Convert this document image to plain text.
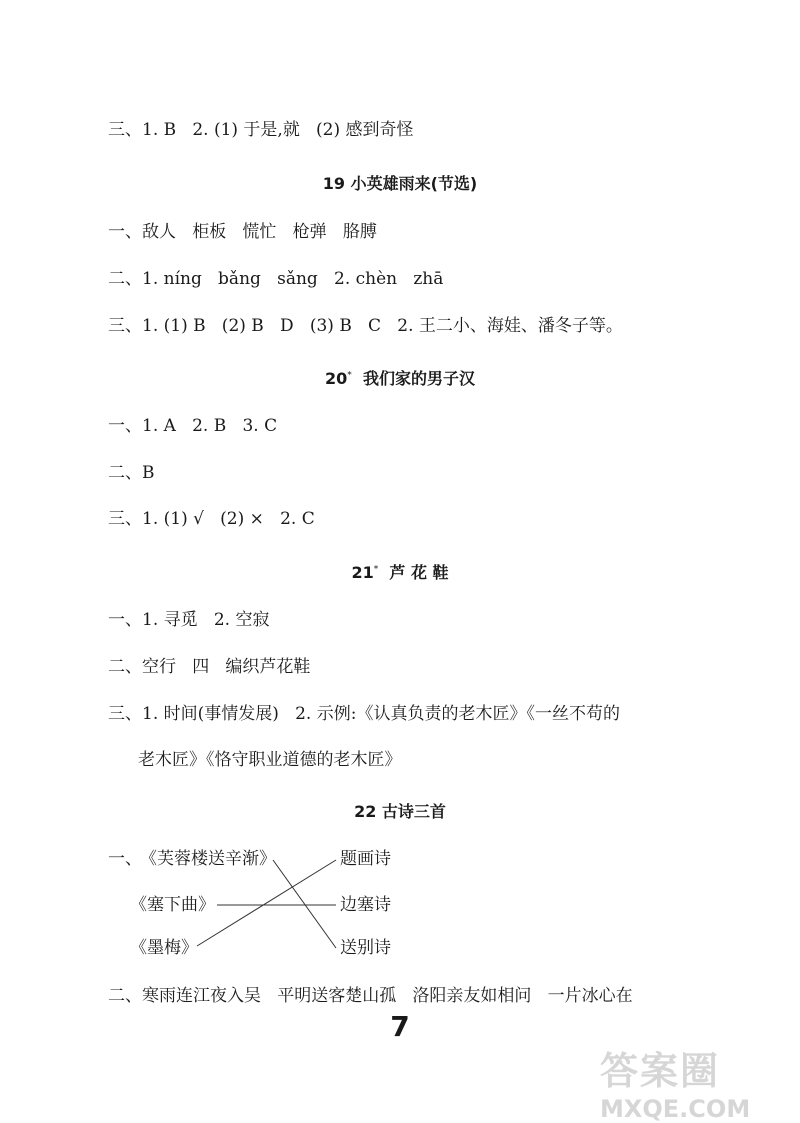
三、1. B   2. (1) 于是,就   (2) 感到奇怪
19 小英雄雨来(节选)
一、敌人   柜板   慌忙   枪弹   胳膊
二、1. níng   bǎng   sǎng   2. chèn   zhā
三、1. (1) B   (2) B   D   (3) B   C   2. 王二小、海娃、潘冬子等。
20* 我们家的男子汉
一、1. A   2. B   3. C
二、B
三、1. (1) √   (2) ×   2. C
21* 芦 花 鞋
一、1. 寻觅   2. 空寂
二、空行   四   编织芦花鞋
三、1. 时间(事情发展)   2. 示例:《认真负责的老木匠》《一丝不苟的
老木匠》《恪守职业道德的老木匠》
22 古诗三首
一、
《芙蓉楼送辛渐》
《塞下曲》
《墨梅》
题画诗
边塞诗
送别诗
二、寒雨连江夜入吴   平明送客楚山孤   洛阳亲友如相问   一片冰心在
7
答案圈
MXQE.COM
